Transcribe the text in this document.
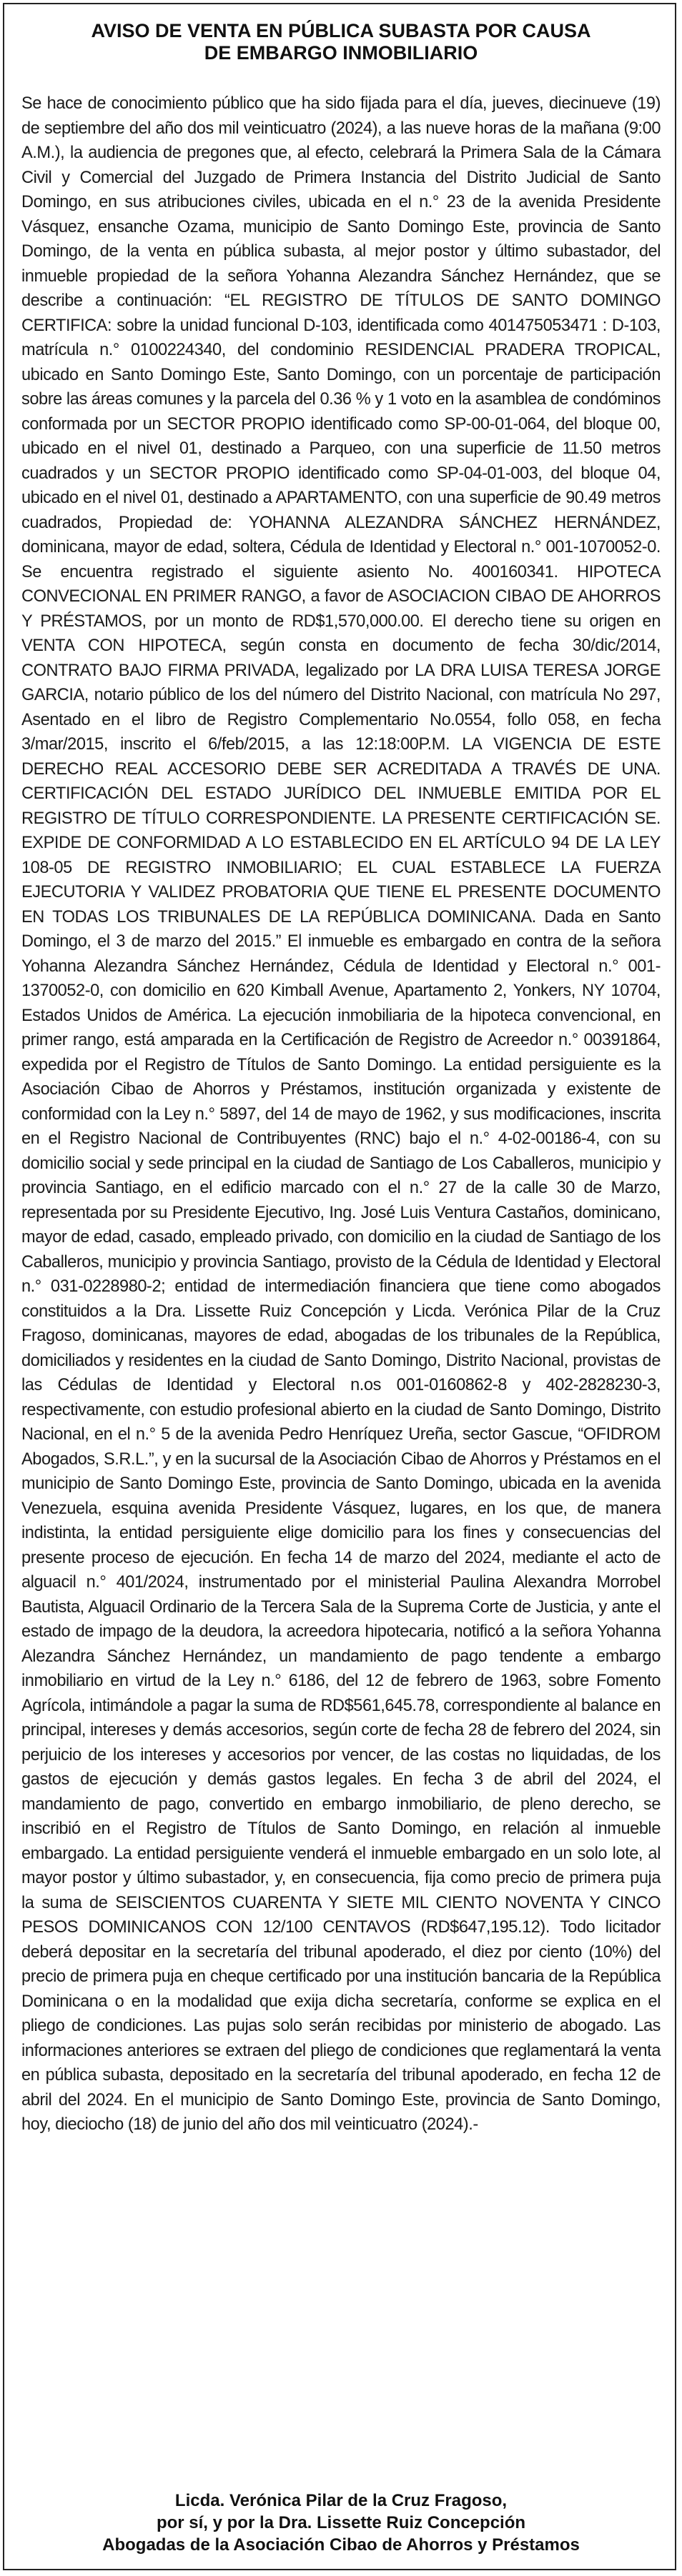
AVISO DE VENTA EN PÚBLICA SUBASTA POR CAUSA
DE EMBARGO INMOBILIARIO

Se hace de conocimiento público que ha sido fijada para el día, jueves, diecinueve (19) de septiembre del año dos mil veinticuatro (2024), a las nueve horas de la mañana (9:00 A.M.), la audiencia de pregones que, al efecto, celebrará la Primera Sala de la Cámara Civil y Comercial del Juzgado de Primera Instancia del Distrito Judicial de Santo Domingo, en sus atribuciones civiles, ubicada en el n.° 23 de la avenida Presidente Vásquez, ensanche Ozama, municipio de Santo Domingo Este, provincia de Santo Domingo, de la venta en pública subasta, al mejor postor y último subastador, del inmueble propiedad de la señora Yohanna Alezandra Sánchez Hernández, que se describe a continuación: “EL REGISTRO DE TÍTULOS DE SANTO DOMINGO CERTIFICA: sobre la unidad funcional D-103, identificada como 401475053471 : D-103, matrícula n.° 0100224340, del condominio RESIDENCIAL PRADERA TROPICAL, ubicado en Santo Domingo Este, Santo Domingo, con un porcentaje de participación sobre las áreas comunes y la parcela del 0.36 % y 1 voto en la asamblea de condóminos conformada por un SECTOR PROPIO identificado como SP-00-01-064, del bloque 00, ubicado en el nivel 01, destinado a Parqueo, con una superficie de 11.50 metros cuadrados y un SECTOR PROPIO identificado como SP-04-01-003, del bloque 04, ubicado en el nivel 01, destinado a APARTAMENTO, con una superficie de 90.49 metros cuadrados, Propiedad de: YOHANNA ALEZANDRA SÁNCHEZ HERNÁNDEZ, dominicana, mayor de edad, soltera, Cédula de Identidad y Electoral n.° 001-1070052-0. Se encuentra registrado el siguiente asiento No. 400160341. HIPOTECA CONVECIONAL EN PRIMER RANGO, a favor de ASOCIACION CIBAO DE AHORROS Y PRÉSTAMOS, por un monto de RD$1,570,000.00. El derecho tiene su origen en VENTA CON HIPOTECA, según consta en documento de fecha 30/dic/2014, CONTRATO BAJO FIRMA PRIVADA, legalizado por LA DRA LUISA TERESA JORGE GARCIA, notario público de los del número del Distrito Nacional, con matrícula No 297, Asentado en el libro de Registro Complementario No.0554, follo 058, en fecha 3/mar/2015, inscrito el 6/feb/2015, a las 12:18:00P.M. LA VIGENCIA DE ESTE DERECHO REAL ACCESORIO DEBE SER ACREDITADA A TRAVÉS DE UNA. CERTIFICACIÓN DEL ESTADO JURÍDICO DEL INMUEBLE EMITIDA POR EL REGISTRO DE TÍTULO CORRESPONDIENTE. LA PRESENTE CERTIFICACIÓN SE. EXPIDE DE CONFORMIDAD A LO ESTABLECIDO EN EL ARTÍCULO 94 DE LA LEY 108-05 DE REGISTRO INMOBILIARIO; EL CUAL ESTABLECE LA FUERZA EJECUTORIA Y VALIDEZ PROBATORIA QUE TIENE EL PRESENTE DOCUMENTO EN TODAS LOS TRIBUNALES DE LA REPÚBLICA DOMINICANA. Dada en Santo Domingo, el 3 de marzo del 2015.” El inmueble es embargado en contra de la señora Yohanna Alezandra Sánchez Hernández, Cédula de Identidad y Electoral n.° 001-1370052-0, con domicilio en 620 Kimball Avenue, Apartamento 2, Yonkers, NY 10704, Estados Unidos de América. La ejecución inmobiliaria de la hipoteca convencional, en primer rango, está amparada en la Certificación de Registro de Acreedor n.° 00391864, expedida por el Registro de Títulos de Santo Domingo. La entidad persiguiente es la Asociación Cibao de Ahorros y Préstamos, institución organizada y existente de conformidad con la Ley n.° 5897, del 14 de mayo de 1962, y sus modificaciones, inscrita en el Registro Nacional de Contribuyentes (RNC) bajo el n.° 4-02-00186-4, con su domicilio social y sede principal en la ciudad de Santiago de Los Caballeros, municipio y provincia Santiago, en el edificio marcado con el n.° 27 de la calle 30 de Marzo, representada por su Presidente Ejecutivo, Ing. José Luis Ventura Castaños, dominicano, mayor de edad, casado, empleado privado, con domicilio en la ciudad de Santiago de los Caballeros, municipio y provincia Santiago, provisto de la Cédula de Identidad y Electoral n.° 031-0228980-2; entidad de intermediación financiera que tiene como abogados constituidos a la Dra. Lissette Ruiz Concepción y Licda. Verónica Pilar de la Cruz Fragoso, dominicanas, mayores de edad, abogadas de los tribunales de la República, domiciliados y residentes en la ciudad de Santo Domingo, Distrito Nacional, provistas de las Cédulas de Identidad y Electoral n.os 001-0160862-8 y 402-2828230-3, respectivamente, con estudio profesional abierto en la ciudad de Santo Domingo, Distrito Nacional, en el n.° 5 de la avenida Pedro Henríquez Ureña, sector Gascue, “OFIDROM Abogados, S.R.L.”, y en la sucursal de la Asociación Cibao de Ahorros y Préstamos en el municipio de Santo Domingo Este, provincia de Santo Domingo, ubicada en la avenida Venezuela, esquina avenida Presidente Vásquez, lugares, en los que, de manera indistinta, la entidad persiguiente elige domicilio para los fines y consecuencias del presente proceso de ejecución. En fecha 14 de marzo del 2024, mediante el acto de alguacil n.° 401/2024, instrumentado por el ministerial Paulina Alexandra Morrobel Bautista, Alguacil Ordinario de la Tercera Sala de la Suprema Corte de Justicia, y ante el estado de impago de la deudora, la acreedora hipotecaria, notificó a la señora Yohanna Alezandra Sánchez Hernández, un mandamiento de pago tendente a embargo inmobiliario en virtud de la Ley n.° 6186, del 12 de febrero de 1963, sobre Fomento Agrícola, intimándole a pagar la suma de RD$561,645.78, correspondiente al balance en principal, intereses y demás accesorios, según corte de fecha 28 de febrero del 2024, sin perjuicio de los intereses y accesorios por vencer, de las costas no liquidadas, de los gastos de ejecución y demás gastos legales. En fecha 3 de abril del 2024, el mandamiento de pago, convertido en embargo inmobiliario, de pleno derecho, se inscribió en el Registro de Títulos de Santo Domingo, en relación al inmueble embargado. La entidad persiguiente venderá el inmueble embargado en un solo lote, al mayor postor y último subastador, y, en consecuencia, fija como precio de primera puja la suma de SEISCIENTOS CUARENTA Y SIETE MIL CIENTO NOVENTA Y CINCO PESOS DOMINICANOS CON 12/100 CENTAVOS (RD$647,195.12). Todo licitador deberá depositar en la secretaría del tribunal apoderado, el diez por ciento (10%) del precio de primera puja en cheque certificado por una institución bancaria de la República Dominicana o en la modalidad que exija dicha secretaría, conforme se explica en el pliego de condiciones. Las pujas solo serán recibidas por ministerio de abogado. Las informaciones anteriores se extraen del pliego de condiciones que reglamentará la venta en pública subasta, depositado en la secretaría del tribunal apoderado, en fecha 12 de abril del 2024. En el municipio de Santo Domingo Este, provincia de Santo Domingo, hoy, dieciocho (18) de junio del año dos mil veinticuatro (2024).-

Licda. Verónica Pilar de la Cruz Fragoso,
por sí, y por la Dra. Lissette Ruiz Concepción
Abogadas de la Asociación Cibao de Ahorros y Préstamos
